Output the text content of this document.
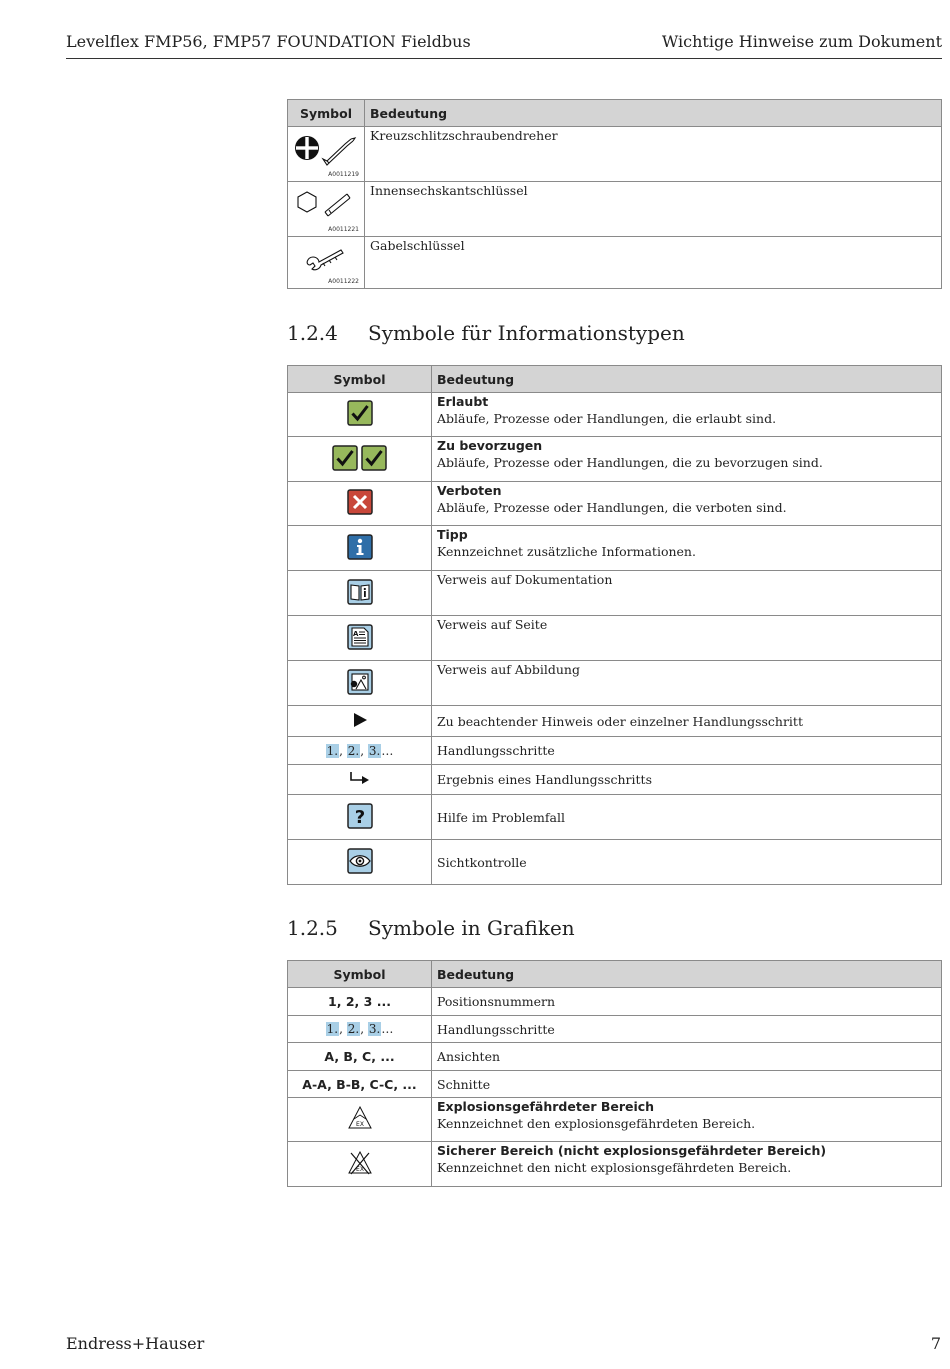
Levelflex FMP56, FMP57 FOUNDATION Fieldbus	Wichtige Hinweise zum Dokument
Symbol	Bedeutung

A0011219	Kreuzschlitzschraubendreher

A0011221	Innensechskantschlüssel

A0011222	Gabelschlüssel
1.2.4 Symbole für Informationstypen
Symbol	Bedeutung

Erlaubt
Abläufe, Prozesse oder Handlungen, die erlaubt sind.

Zu bevorzugen
Abläufe, Prozesse oder Handlungen, die zu bevorzugen sind.

Verboten
Abläufe, Prozesse oder Handlungen, die verboten sind.

Tipp
Kennzeichnet zusätzliche Informationen.

	Verweis auf Dokumentation

A	Verweis auf Seite
	Verweis auf Abbildung
	Zu beachtender Hinweis oder einzelner Handlungsschritt
1., 2., 3.…	Handlungsschritte
	Ergebnis eines Handlungsschritts

?	Hilfe im Problemfall
	Sichtkontrolle
1.2.5 Symbole in Grafiken
Symbol	Bedeutung
1, 2, 3 ...	Positionsnummern
1., 2., 3.…	Handlungsschritte
A, B, C, ...	Ansichten
A-A, B-B, C-C, ...	Schnitte

EX	Explosionsgefährdeter Bereich
Kennzeichnet den explosionsgefährdeten Bereich.

EX	Sicherer Bereich (nicht explosionsgefährdeter Bereich)
Kennzeichnet den nicht explosionsgefährdeten Bereich.
Endress+Hauser	7
